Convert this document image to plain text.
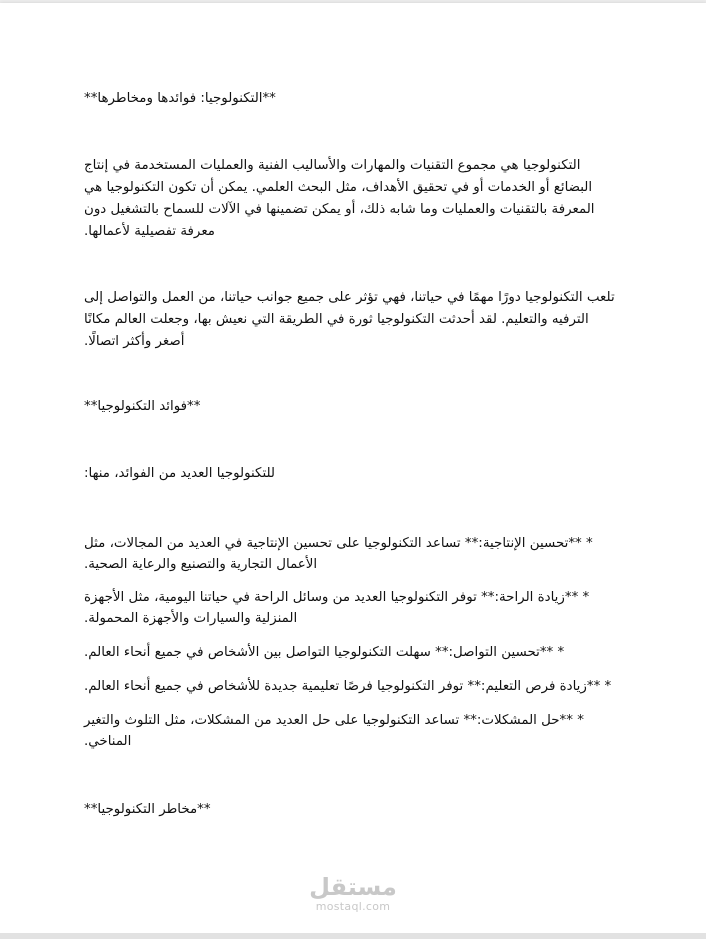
**التكنولوجيا: فوائدها ومخاطرها**
التكنولوجيا هي مجموع التقنيات والمهارات والأساليب الفنية والعمليات المستخدمة في إنتاج
البضائع أو الخدمات أو في تحقيق الأهداف، مثل البحث العلمي. يمكن أن تكون التكنولوجيا هي
المعرفة بالتقنيات والعمليات وما شابه ذلك، أو يمكن تضمينها في الآلات للسماح بالتشغيل دون
معرفة تفصيلية لأعمالها.
تلعب التكنولوجيا دورًا مهمًا في حياتنا، فهي تؤثر على جميع جوانب حياتنا، من العمل والتواصل إلى
الترفيه والتعليم. لقد أحدثت التكنولوجيا ثورة في الطريقة التي نعيش بها، وجعلت العالم مكانًا
أصغر وأكثر اتصالًا.
**فوائد التكنولوجيا**
للتكنولوجيا العديد من الفوائد، منها:
* **تحسين الإنتاجية:** تساعد التكنولوجيا على تحسين الإنتاجية في العديد من المجالات، مثل
الأعمال التجارية والتصنيع والرعاية الصحية.
* **زيادة الراحة:** توفر التكنولوجيا العديد من وسائل الراحة في حياتنا اليومية، مثل الأجهزة
المنزلية والسيارات والأجهزة المحمولة.
* **تحسين التواصل:** سهلت التكنولوجيا التواصل بين الأشخاص في جميع أنحاء العالم.
* **زيادة فرص التعليم:** توفر التكنولوجيا فرصًا تعليمية جديدة للأشخاص في جميع أنحاء العالم.
* **حل المشكلات:** تساعد التكنولوجيا على حل العديد من المشكلات، مثل التلوث والتغير
المناخي.
**مخاطر التكنولوجيا**
مستقل
mostaql.com
